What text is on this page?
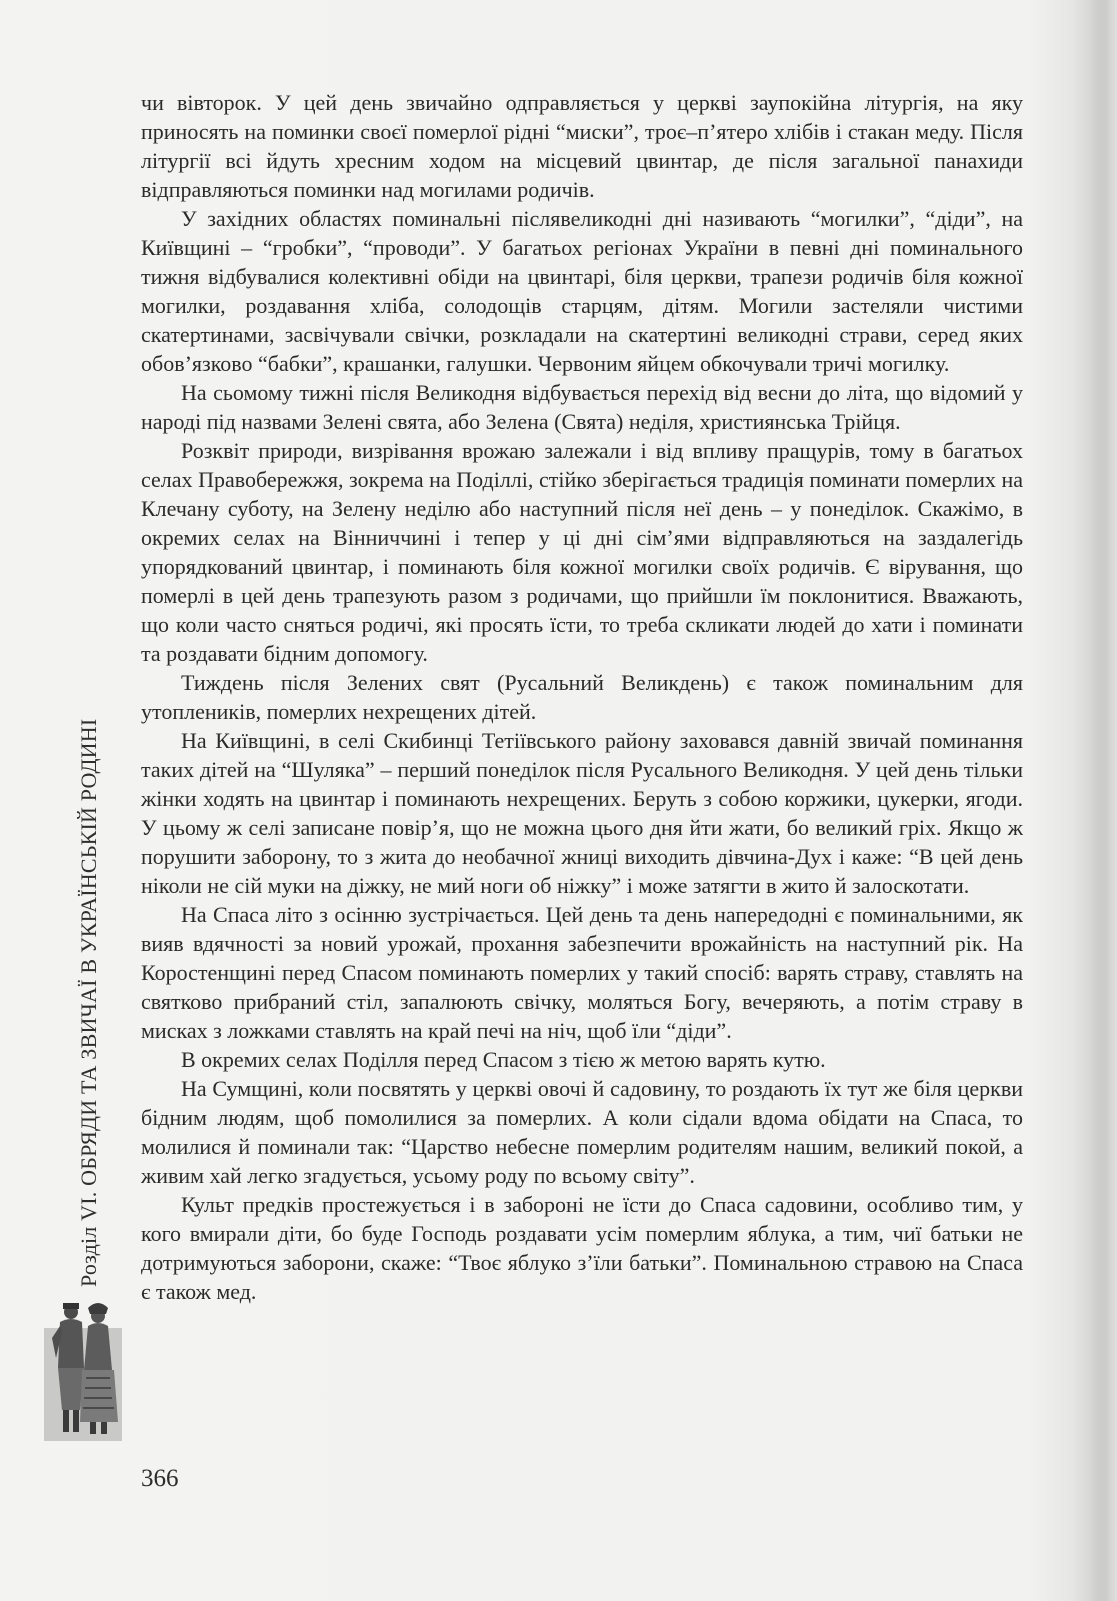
Розділ VI. ОБРЯДИ ТА ЗВИЧАЇ В УКРАЇНСЬКІЙ РОДИНІ

чи вівторок. У цей день звичайно одправляється у церкві заупокійна літургія, на яку приносять на поминки своєї померлої рідні “миски”, троє–п’ятеро хлібів і стакан меду. Після літургії всі йдуть хресним ходом на місцевий цвинтар, де після загальної панахиди відправляються поминки над могилами родичів.

У західних областях поминальні післявеликодні дні називають “могилки”, “діди”, на Київщині – “гробки”, “проводи”. У багатьох регіонах України в певні дні поминального тижня відбувалися колективні обіди на цвинтарі, біля церкви, трапези родичів біля кожної могилки, роздавання хліба, солодощів старцям, дітям. Могили застеляли чистими скатертинами, засвічували свічки, розкладали на скатертині великодні страви, серед яких обов’язково “бабки”, крашанки, галушки. Червоним яйцем обкочували тричі могилку.

На сьомому тижні після Великодня відбувається перехід від весни до літа, що відомий у народі під назвами Зелені свята, або Зелена (Свята) неділя, християнська Трійця.

Розквіт природи, визрівання врожаю залежали і від впливу пращурів, тому в багатьох селах Правобережжя, зокрема на Поділлі, стійко зберігається традиція поминати померлих на Клечану суботу, на Зелену неділю або наступний після неї день – у понеділок. Скажімо, в окремих селах на Вінниччині і тепер у ці дні сім’ями відправляються на заздалегідь упорядкований цвинтар, і поминають біля кожної могилки своїх родичів. Є вірування, що померлі в цей день трапезують разом з родичами, що прийшли їм поклонитися. Вважають, що коли часто сняться родичі, які просять їсти, то треба скликати людей до хати і поминати та роздавати бідним допомогу.

Тиждень після Зелених свят (Русальний Великдень) є також поминальним для утоплеників, померлих нехрещених дітей.

На Київщині, в селі Скибинці Тетіївського району заховався давній звичай поминання таких дітей на “Шуляка” – перший понеділок після Русального Великодня. У цей день тільки жінки ходять на цвинтар і поминають нехрещених. Беруть з собою коржики, цукерки, ягоди. У цьому ж селі записане повір’я, що не можна цього дня йти жати, бо великий гріх. Якщо ж порушити заборону, то з жита до необачної жниці виходить дівчина-Дух і каже: “В цей день ніколи не сій муки на діжку, не мий ноги об ніжку” і може затягти в жито й залоскотати.

На Спаса літо з осінню зустрічається. Цей день та день напередодні є поминальними, як вияв вдячності за новий урожай, прохання забезпечити врожайність на наступний рік. На Коростенщині перед Спасом поминають померлих у такий спосіб: варять страву, ставлять на святково прибраний стіл, запалюють свічку, моляться Богу, вечеряють, а потім страву в мисках з ложками ставлять на край печі на ніч, щоб їли “діди”.

В окремих селах Поділля перед Спасом з тією ж метою варять кутю.

На Сумщині, коли посвятять у церкві овочі й садовину, то роздають їх тут же біля церкви бідним людям, щоб помолилися за померлих. А коли сідали вдома обідати на Спаса, то молилися й поминали так: “Царство небесне померлим родителям нашим, великий покой, а живим хай легко згадується, усьому роду по всьому світу”.

Культ предків простежується і в забороні не їсти до Спаса садовини, особливо тим, у кого вмирали діти, бо буде Господь роздавати усім померлим яблука, а тим, чиї батьки не дотримуються заборони, скаже: “Твоє яблуко з’їли батьки”. Поминальною стравою на Спаса є також мед.

366
